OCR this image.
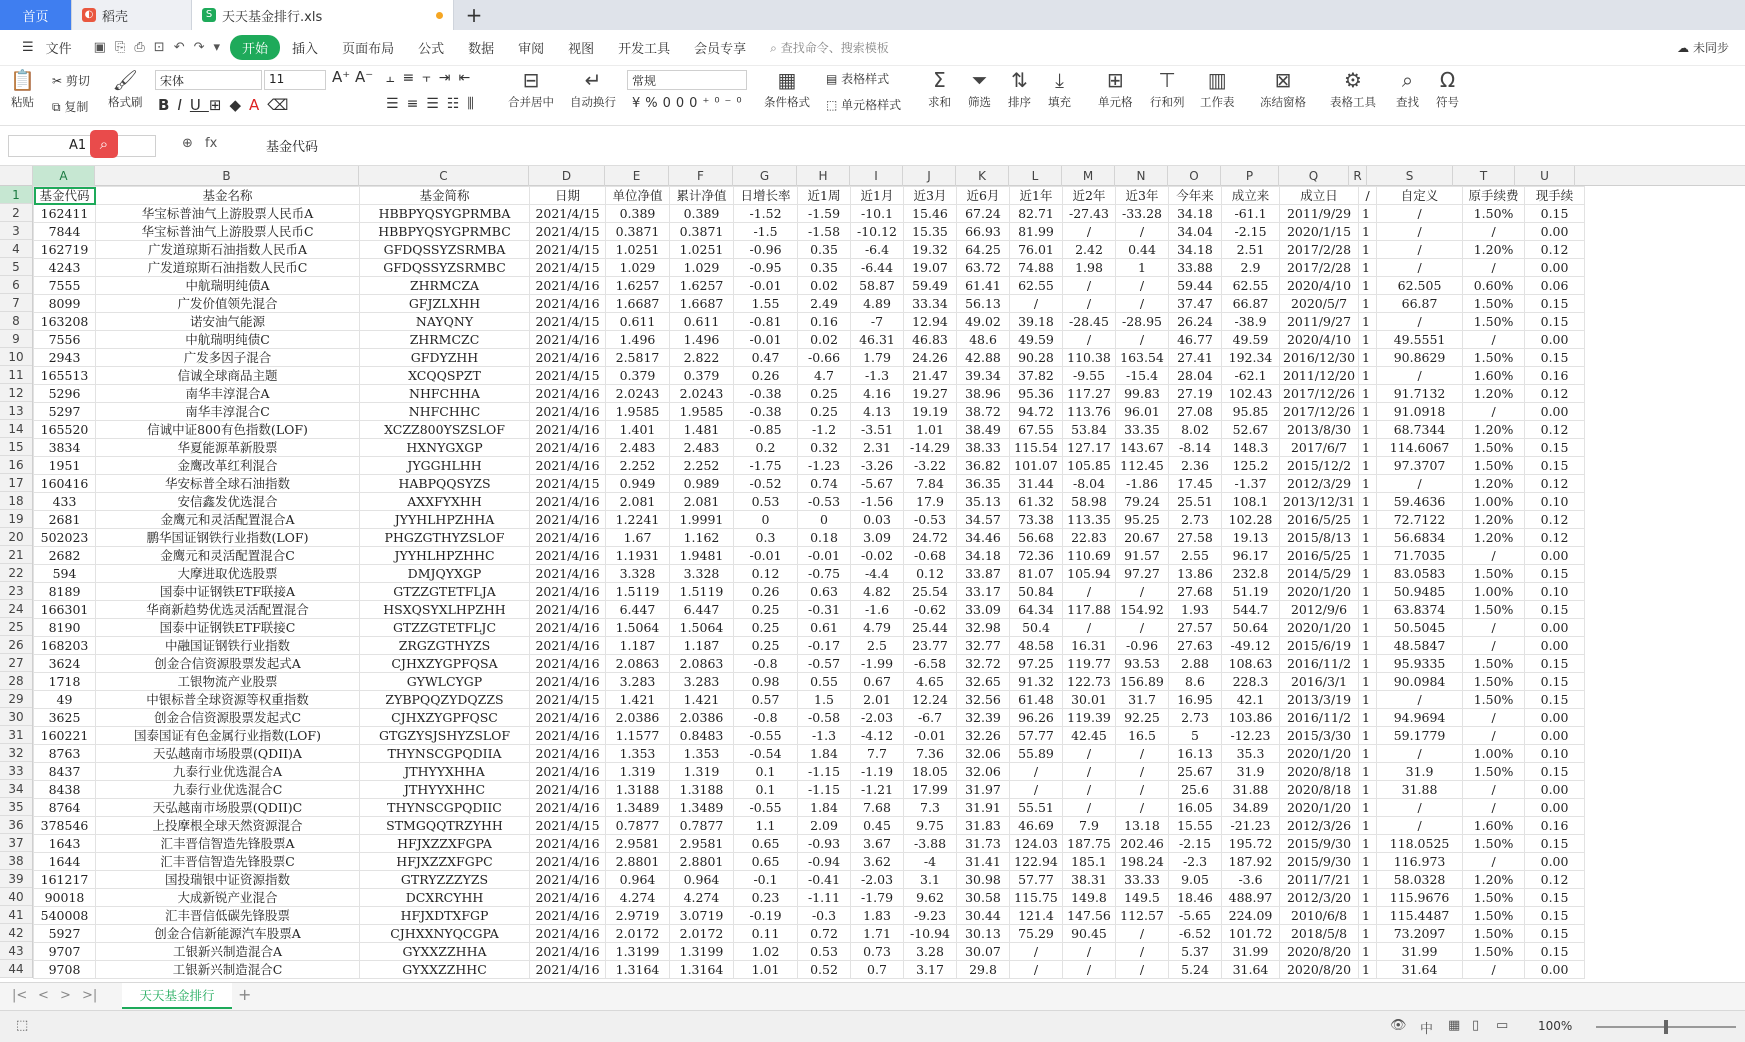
首页	◐ 稻壳	S 天天基金排行.xls	+
☰ 文件	▣ ⎘ ⎙ ⊡ ↶ ↷ ▾	开始	插入	页面布局	公式	数据	审阅	视图	开发工具	会员专享	⌕ 查找命令、搜索模板	☁ 未同步
📋
粘贴
✂ 剪切
⧉ 复制
🖌
格式刷
宋体	11	A⁺ A⁻
BIU⊞◆A⌫
⫠≡⫟⇥⇤
☰≡☰☷⫼
⊟
合并居中
↵
自动换行
常规
¥%000⁺⁰⁻⁰
▦
条件格式
▤ 表格样式
⬚ 单元格样式
Σ
求和
⏷
筛选
⇅
排序
⤓
填充
⊞
单元格
⊤
行和列
▥
工作表
⊠
冻结窗格
⚙
表格工具
⌕
查找
Ω
符号
A1 ⌕	⊕ fx	基金代码
A	B	C	D	E	F	G	H	I	J	K	L	M	N	O	P	Q	R	S	T	U
1
2
3
4
5
6
7
8
9
10
11
12
13
14
15
16
17
18
19
20
21
22
23
24
25
26
27
28
29
30
31
32
33
34
35
36
37
38
39
40
41
42
43
44
基金代码	基金名称	基金简称	日期	单位净值	累计净值	日增长率	近1周	近1月	近3月	近6月	近1年	近2年	近3年	今年来	成立来	成立日	/	自定义	原手续费	现手续
162411	华宝标普油气上游股票人民币A	HBBPYQSYGPRMBA	2021/4/15	0.389	0.389	-1.52	-1.59	-10.1	15.46	67.24	82.71	-27.43	-33.28	34.18	-61.1	2011/9/29	1	/	1.50%	0.15
7844	华宝标普油气上游股票人民币C	HBBPYQSYGPRMBC	2021/4/15	0.3871	0.3871	-1.5	-1.58	-10.12	15.35	66.93	81.99	/	/	34.04	-2.15	2020/1/15	1	/	/	0.00
162719	广发道琼斯石油指数人民币A	GFDQSSYZSRMBA	2021/4/15	1.0251	1.0251	-0.96	0.35	-6.4	19.32	64.25	76.01	2.42	0.44	34.18	2.51	2017/2/28	1	/	1.20%	0.12
4243	广发道琼斯石油指数人民币C	GFDQSSYZSRMBC	2021/4/15	1.029	1.029	-0.95	0.35	-6.44	19.07	63.72	74.88	1.98	1	33.88	2.9	2017/2/28	1	/	/	0.00
7555	中航瑞明纯债A	ZHRMCZA	2021/4/16	1.6257	1.6257	-0.01	0.02	58.87	59.49	61.41	62.55	/	/	59.44	62.55	2020/4/10	1	62.505	0.60%	0.06
8099	广发价值领先混合	GFJZLXHH	2021/4/16	1.6687	1.6687	1.55	2.49	4.89	33.34	56.13	/	/	/	37.47	66.87	2020/5/7	1	66.87	1.50%	0.15
163208	诺安油气能源	NAYQNY	2021/4/15	0.611	0.611	-0.81	0.16	-7	12.94	49.02	39.18	-28.45	-28.95	26.24	-38.9	2011/9/27	1	/	1.50%	0.15
7556	中航瑞明纯债C	ZHRMCZC	2021/4/16	1.496	1.496	-0.01	0.02	46.31	46.83	48.6	49.59	/	/	46.77	49.59	2020/4/10	1	49.5551	/	0.00
2943	广发多因子混合	GFDYZHH	2021/4/16	2.5817	2.822	0.47	-0.66	1.79	24.26	42.88	90.28	110.38	163.54	27.41	192.34	2016/12/30	1	90.8629	1.50%	0.15
165513	信诚全球商品主题	XCQQSPZT	2021/4/15	0.379	0.379	0.26	4.7	-1.3	21.47	39.34	37.82	-9.55	-15.4	28.04	-62.1	2011/12/20	1	/	1.60%	0.16
5296	南华丰淳混合A	NHFCHHA	2021/4/16	2.0243	2.0243	-0.38	0.25	4.16	19.27	38.96	95.36	117.27	99.83	27.19	102.43	2017/12/26	1	91.7132	1.20%	0.12
5297	南华丰淳混合C	NHFCHHC	2021/4/16	1.9585	1.9585	-0.38	0.25	4.13	19.19	38.72	94.72	113.76	96.01	27.08	95.85	2017/12/26	1	91.0918	/	0.00
165520	信诚中证800有色指数(LOF)	XCZZ800YSZSLOF	2021/4/16	1.401	1.481	-0.85	-1.2	-3.51	1.01	38.49	67.55	53.84	33.35	8.02	52.67	2013/8/30	1	68.7344	1.20%	0.12
3834	华夏能源革新股票	HXNYGXGP	2021/4/16	2.483	2.483	0.2	0.32	2.31	-14.29	38.33	115.54	127.17	143.67	-8.14	148.3	2017/6/7	1	114.6067	1.50%	0.15
1951	金鹰改革红利混合	JYGGHLHH	2021/4/16	2.252	2.252	-1.75	-1.23	-3.26	-3.22	36.82	101.07	105.85	112.45	2.36	125.2	2015/12/2	1	97.3707	1.50%	0.15
160416	华安标普全球石油指数	HABPQQSYZS	2021/4/15	0.949	0.989	-0.52	0.74	-5.67	7.84	36.35	31.44	-8.04	-1.86	17.45	-1.37	2012/3/29	1	/	1.20%	0.12
433	安信鑫发优选混合	AXXFYXHH	2021/4/16	2.081	2.081	0.53	-0.53	-1.56	17.9	35.13	61.32	58.98	79.24	25.51	108.1	2013/12/31	1	59.4636	1.00%	0.10
2681	金鹰元和灵活配置混合A	JYYHLHPZHHA	2021/4/16	1.2241	1.9991	0	0	0.03	-0.53	34.57	73.38	113.35	95.25	2.73	102.28	2016/5/25	1	72.7122	1.20%	0.12
502023	鹏华国证钢铁行业指数(LOF)	PHGZGTHYZSLOF	2021/4/16	1.67	1.162	0.3	0.18	3.09	24.72	34.46	56.68	22.83	20.67	27.58	19.13	2015/8/13	1	56.6834	1.20%	0.12
2682	金鹰元和灵活配置混合C	JYYHLHPZHHC	2021/4/16	1.1931	1.9481	-0.01	-0.01	-0.02	-0.68	34.18	72.36	110.69	91.57	2.55	96.17	2016/5/25	1	71.7035	/	0.00
594	大摩进取优选股票	DMJQYXGP	2021/4/16	3.328	3.328	0.12	-0.75	-4.4	0.12	33.87	81.07	105.94	97.27	13.86	232.8	2014/5/29	1	83.0583	1.50%	0.15
8189	国泰中证钢铁ETF联接A	GTZZGTETFLJA	2021/4/16	1.5119	1.5119	0.26	0.63	4.82	25.54	33.17	50.84	/	/	27.68	51.19	2020/1/20	1	50.9485	1.00%	0.10
166301	华商新趋势优选灵活配置混合	HSXQSYXLHPZHH	2021/4/16	6.447	6.447	0.25	-0.31	-1.6	-0.62	33.09	64.34	117.88	154.92	1.93	544.7	2012/9/6	1	63.8374	1.50%	0.15
8190	国泰中证钢铁ETF联接C	GTZZGTETFLJC	2021/4/16	1.5064	1.5064	0.25	0.61	4.79	25.44	32.98	50.4	/	/	27.57	50.64	2020/1/20	1	50.5045	/	0.00
168203	中融国证钢铁行业指数	ZRGZGTHYZS	2021/4/16	1.187	1.187	0.25	-0.17	2.5	23.77	32.77	48.58	16.31	-0.96	27.63	-49.12	2015/6/19	1	48.5847	/	0.00
3624	创金合信资源股票发起式A	CJHXZYGPFQSA	2021/4/16	2.0863	2.0863	-0.8	-0.57	-1.99	-6.58	32.72	97.25	119.77	93.53	2.88	108.63	2016/11/2	1	95.9335	1.50%	0.15
1718	工银物流产业股票	GYWLCYGP	2021/4/16	3.283	3.283	0.98	0.55	0.67	4.65	32.65	91.32	122.73	156.89	8.6	228.3	2016/3/1	1	90.0984	1.50%	0.15
49	中银标普全球资源等权重指数	ZYBPQQZYDQZZS	2021/4/15	1.421	1.421	0.57	1.5	2.01	12.24	32.56	61.48	30.01	31.7	16.95	42.1	2013/3/19	1	/	1.50%	0.15
3625	创金合信资源股票发起式C	CJHXZYGPFQSC	2021/4/16	2.0386	2.0386	-0.8	-0.58	-2.03	-6.7	32.39	96.26	119.39	92.25	2.73	103.86	2016/11/2	1	94.9694	/	0.00
160221	国泰国证有色金属行业指数(LOF)	GTGZYSJSHYZSLOF	2021/4/16	1.1577	0.8483	-0.55	-1.3	-4.12	-0.01	32.26	57.77	42.45	16.5	5	-12.23	2015/3/30	1	59.1779	/	0.00
8763	天弘越南市场股票(QDII)A	THYNSCGPQDIIA	2021/4/16	1.353	1.353	-0.54	1.84	7.7	7.36	32.06	55.89	/	/	16.13	35.3	2020/1/20	1	/	1.00%	0.10
8437	九泰行业优选混合A	JTHYYXHHA	2021/4/16	1.319	1.319	0.1	-1.15	-1.19	18.05	32.06	/	/	/	25.67	31.9	2020/8/18	1	31.9	1.50%	0.15
8438	九泰行业优选混合C	JTHYYXHHC	2021/4/16	1.3188	1.3188	0.1	-1.15	-1.21	17.99	31.97	/	/	/	25.6	31.88	2020/8/18	1	31.88	/	0.00
8764	天弘越南市场股票(QDII)C	THYNSCGPQDIIC	2021/4/16	1.3489	1.3489	-0.55	1.84	7.68	7.3	31.91	55.51	/	/	16.05	34.89	2020/1/20	1	/	/	0.00
378546	上投摩根全球天然资源混合	STMGQQTRZYHH	2021/4/15	0.7877	0.7877	1.1	2.09	0.45	9.75	31.83	46.69	7.9	13.18	15.55	-21.23	2012/3/26	1	/	1.60%	0.16
1643	汇丰晋信智造先锋股票A	HFJXZZXFGPA	2021/4/16	2.9581	2.9581	0.65	-0.93	3.67	-3.88	31.73	124.03	187.75	202.46	-2.15	195.72	2015/9/30	1	118.0525	1.50%	0.15
1644	汇丰晋信智造先锋股票C	HFJXZZXFGPC	2021/4/16	2.8801	2.8801	0.65	-0.94	3.62	-4	31.41	122.94	185.1	198.24	-2.3	187.92	2015/9/30	1	116.973	/	0.00
161217	国投瑞银中证资源指数	GTRYZZZYZS	2021/4/16	0.964	0.964	-0.1	-0.41	-2.03	3.1	30.98	57.77	38.31	33.33	9.05	-3.6	2011/7/21	1	58.0328	1.20%	0.12
90018	大成新锐产业混合	DCXRCYHH	2021/4/16	4.274	4.274	0.23	-1.11	-1.79	9.62	30.58	115.75	149.8	149.5	18.46	488.97	2012/3/20	1	115.9676	1.50%	0.15
540008	汇丰晋信低碳先锋股票	HFJXDTXFGP	2021/4/16	2.9719	3.0719	-0.19	-0.3	1.83	-9.23	30.44	121.4	147.56	112.57	-5.65	224.09	2010/6/8	1	115.4487	1.50%	0.15
5927	创金合信新能源汽车股票A	CJHXXNYQCGPA	2021/4/16	2.0172	2.0172	0.11	0.72	1.71	-10.94	30.13	75.29	90.45	/	-6.52	101.72	2018/5/8	1	73.2097	1.50%	0.15
9707	工银新兴制造混合A	GYXXZZHHA	2021/4/16	1.3199	1.3199	1.02	0.53	0.73	3.28	30.07	/	/	/	5.37	31.99	2020/8/20	1	31.99	1.50%	0.15
9708	工银新兴制造混合C	GYXXZZHHC	2021/4/16	1.3164	1.3164	1.01	0.52	0.7	3.17	29.8	/	/	/	5.24	31.64	2020/8/20	1	31.64	/	0.00
|< < > >|	天天基金排行	+
⬚	👁 中 ▦ ▯ ▭ 100%
